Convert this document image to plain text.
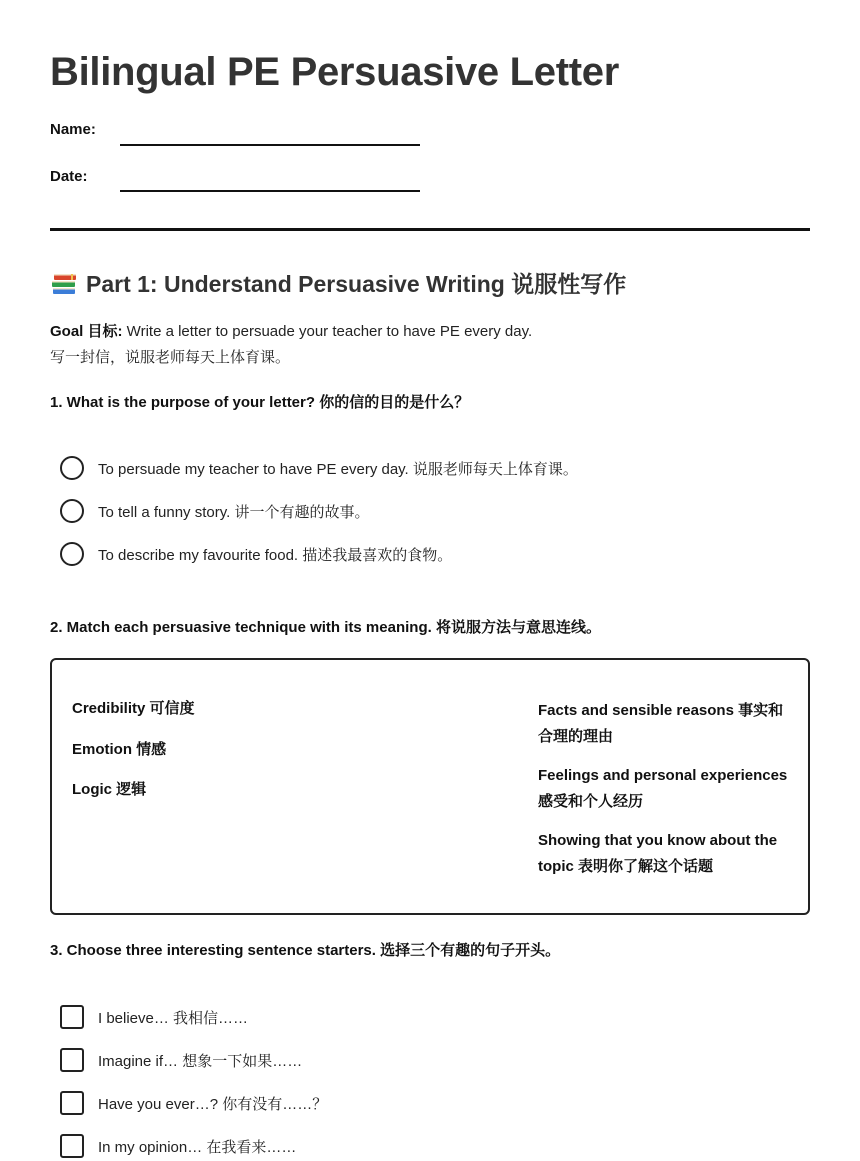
Bilingual PE Persuasive Letter
Name:
Date:
Part 1: Understand Persuasive Writing 说服性写作
Goal 目标: Write a letter to persuade your teacher to have PE every day.
写一封信，说服老师每天上体育课。
1. What is the purpose of your letter? 你的信的目的是什么？
To persuade my teacher to have PE every day. 说服老师每天上体育课。
To tell a funny story. 讲一个有趣的故事。
To describe my favourite food. 描述我最喜欢的食物。
2. Match each persuasive technique with its meaning. 将说服方法与意思连线。
Credibility 可信度
Emotion 情感
Logic 逻辑
Facts and sensible reasons 事实和合理的理由
Feelings and personal experiences 感受和个人经历
Showing that you know about the topic 表明你了解这个话题
3. Choose three interesting sentence starters. 选择三个有趣的句子开头。
I believe… 我相信……
Imagine if… 想象一下如果……
Have you ever…? 你有没有……？
In my opinion… 在我看来……
